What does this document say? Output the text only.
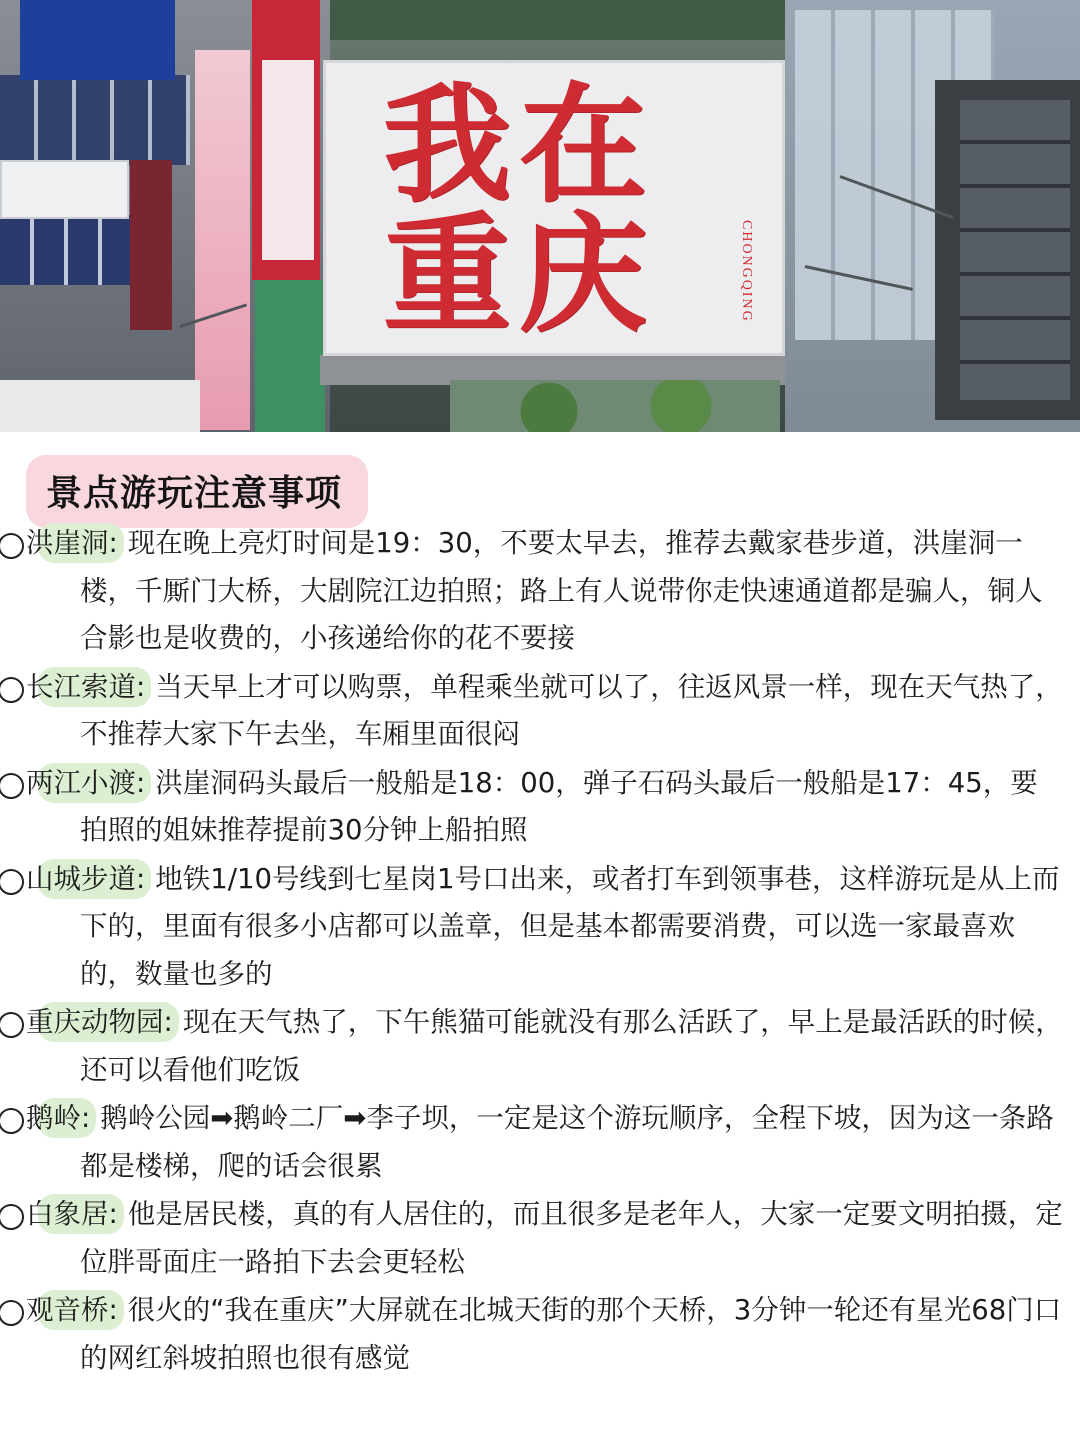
我在
重庆	CHONGQING
景点游玩注意事项

洪崖洞: 现在晚上亮灯时间是19：30，不要太早去，推荐去戴家巷步道，洪崖洞一楼，千厮门大桥，大剧院江边拍照；路上有人说带你走快速通道都是骗人，铜人合影也是收费的，小孩递给你的花不要接

长江索道: 当天早上才可以购票，单程乘坐就可以了，往返风景一样，现在天气热了，不推荐大家下午去坐，车厢里面很闷

两江小渡: 洪崖洞码头最后一般船是18：00，弹子石码头最后一般船是17：45，要拍照的姐妹推荐提前30分钟上船拍照

山城步道: 地铁1/10号线到七星岗1号口出来，或者打车到领事巷，这样游玩是从上而下的，里面有很多小店都可以盖章，但是基本都需要消费，可以选一家最喜欢的，数量也多的

重庆动物园: 现在天气热了，下午熊猫可能就没有那么活跃了，早上是最活跃的时候，还可以看他们吃饭

鹅岭: 鹅岭公园➡鹅岭二厂➡李子坝，一定是这个游玩顺序，全程下坡，因为这一条路都是楼梯，爬的话会很累

白象居: 他是居民楼，真的有人居住的，而且很多是老年人，大家一定要文明拍摄，定位胖哥面庄一路拍下去会更轻松

观音桥: 很火的“我在重庆”大屏就在北城天街的那个天桥，3分钟一轮还有星光68门口的网红斜坡拍照也很有感觉
